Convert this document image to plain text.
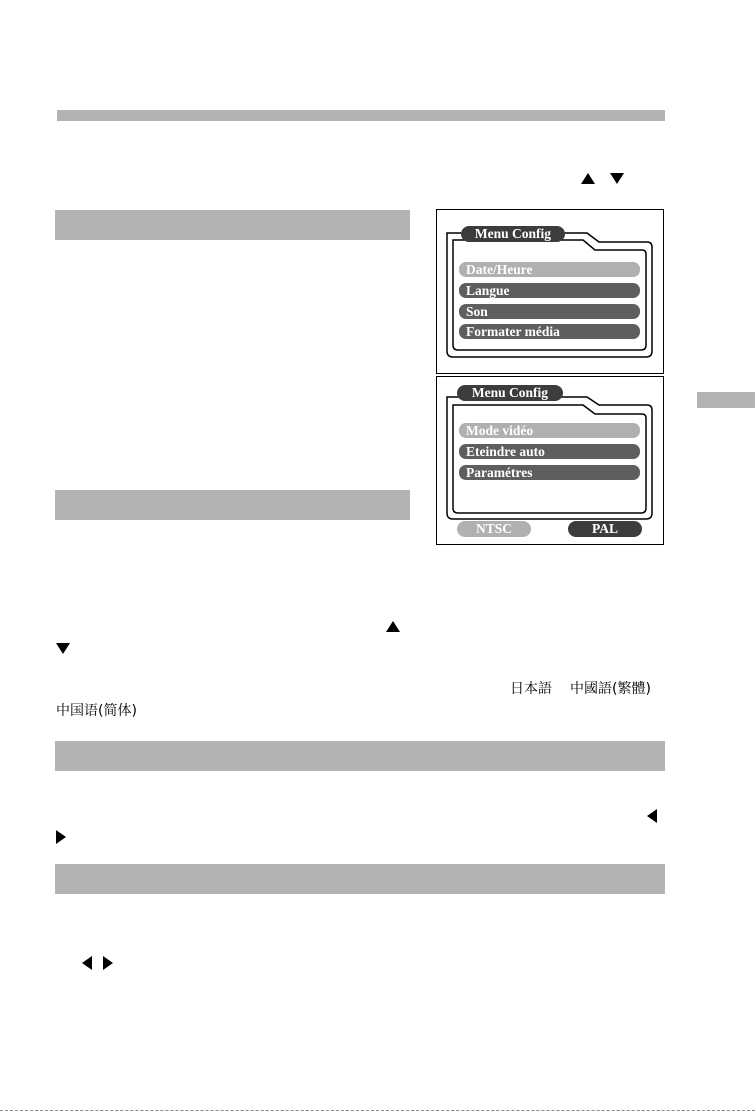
Menu Config
Date/Heure
Langue
Son
Formater média
Menu Config
Mode vidéo
Eteindre auto
Paramétres
NTSC	PAL
日本語 中國語(繁體)
中国语(简体)
